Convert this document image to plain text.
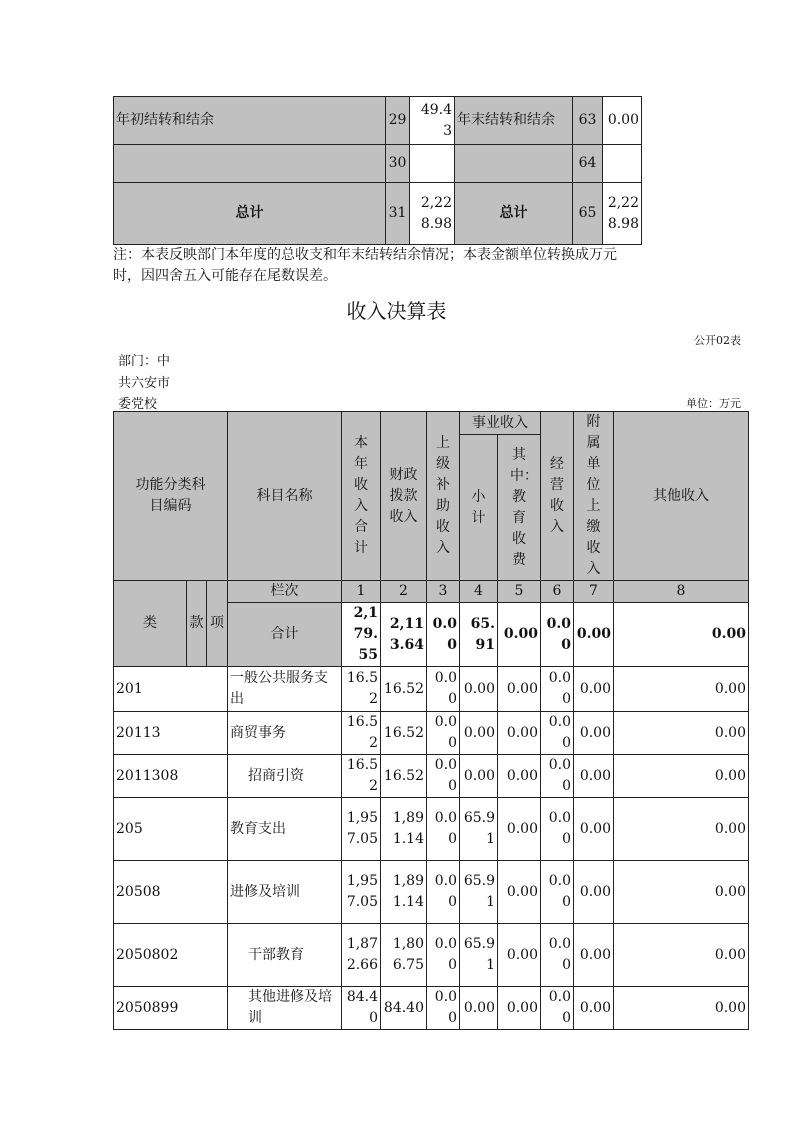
年初结转和结余	29	49.43	年末结转和结余	63	0.00
	30			64	
总计	31	2,228.98	总计	65	2,228.98
注：本表反映部门本年度的总收支和年末结转结余情况；本表金额单位转换成万元时，因四舍五入可能存在尾数误差。
收入决算表
公开02表
部门：中
共六安市
委党校	单位：万元
功能分类科目编码			科目名称	本年收入合计	财政拨款收入	上级补助收入	事业收入		经营收入	附属单位上缴收入	其他收入
							小计	其中：教育收费			
类	款	项	栏次	1	2	3	4	5	6	7	8
			合计	2,179.55	2,113.64	0.00	65.91	0.00	0.00	0.00	0.00
201			一般公共服务支出	16.52	16.52	0.00	0.00	0.00	0.00	0.00	0.00
20113			商贸事务	16.52	16.52	0.00	0.00	0.00	0.00	0.00	0.00
2011308			招商引资	16.52	16.52	0.00	0.00	0.00	0.00	0.00	0.00
205			教育支出	1,957.05	1,891.14	0.00	65.91	0.00	0.00	0.00	0.00
20508			进修及培训	1,957.05	1,891.14	0.00	65.91	0.00	0.00	0.00	0.00
2050802			干部教育	1,872.66	1,806.75	0.00	65.91	0.00	0.00	0.00	0.00
2050899			其他进修及培训	84.40	84.40	0.00	0.00	0.00	0.00	0.00	0.00
